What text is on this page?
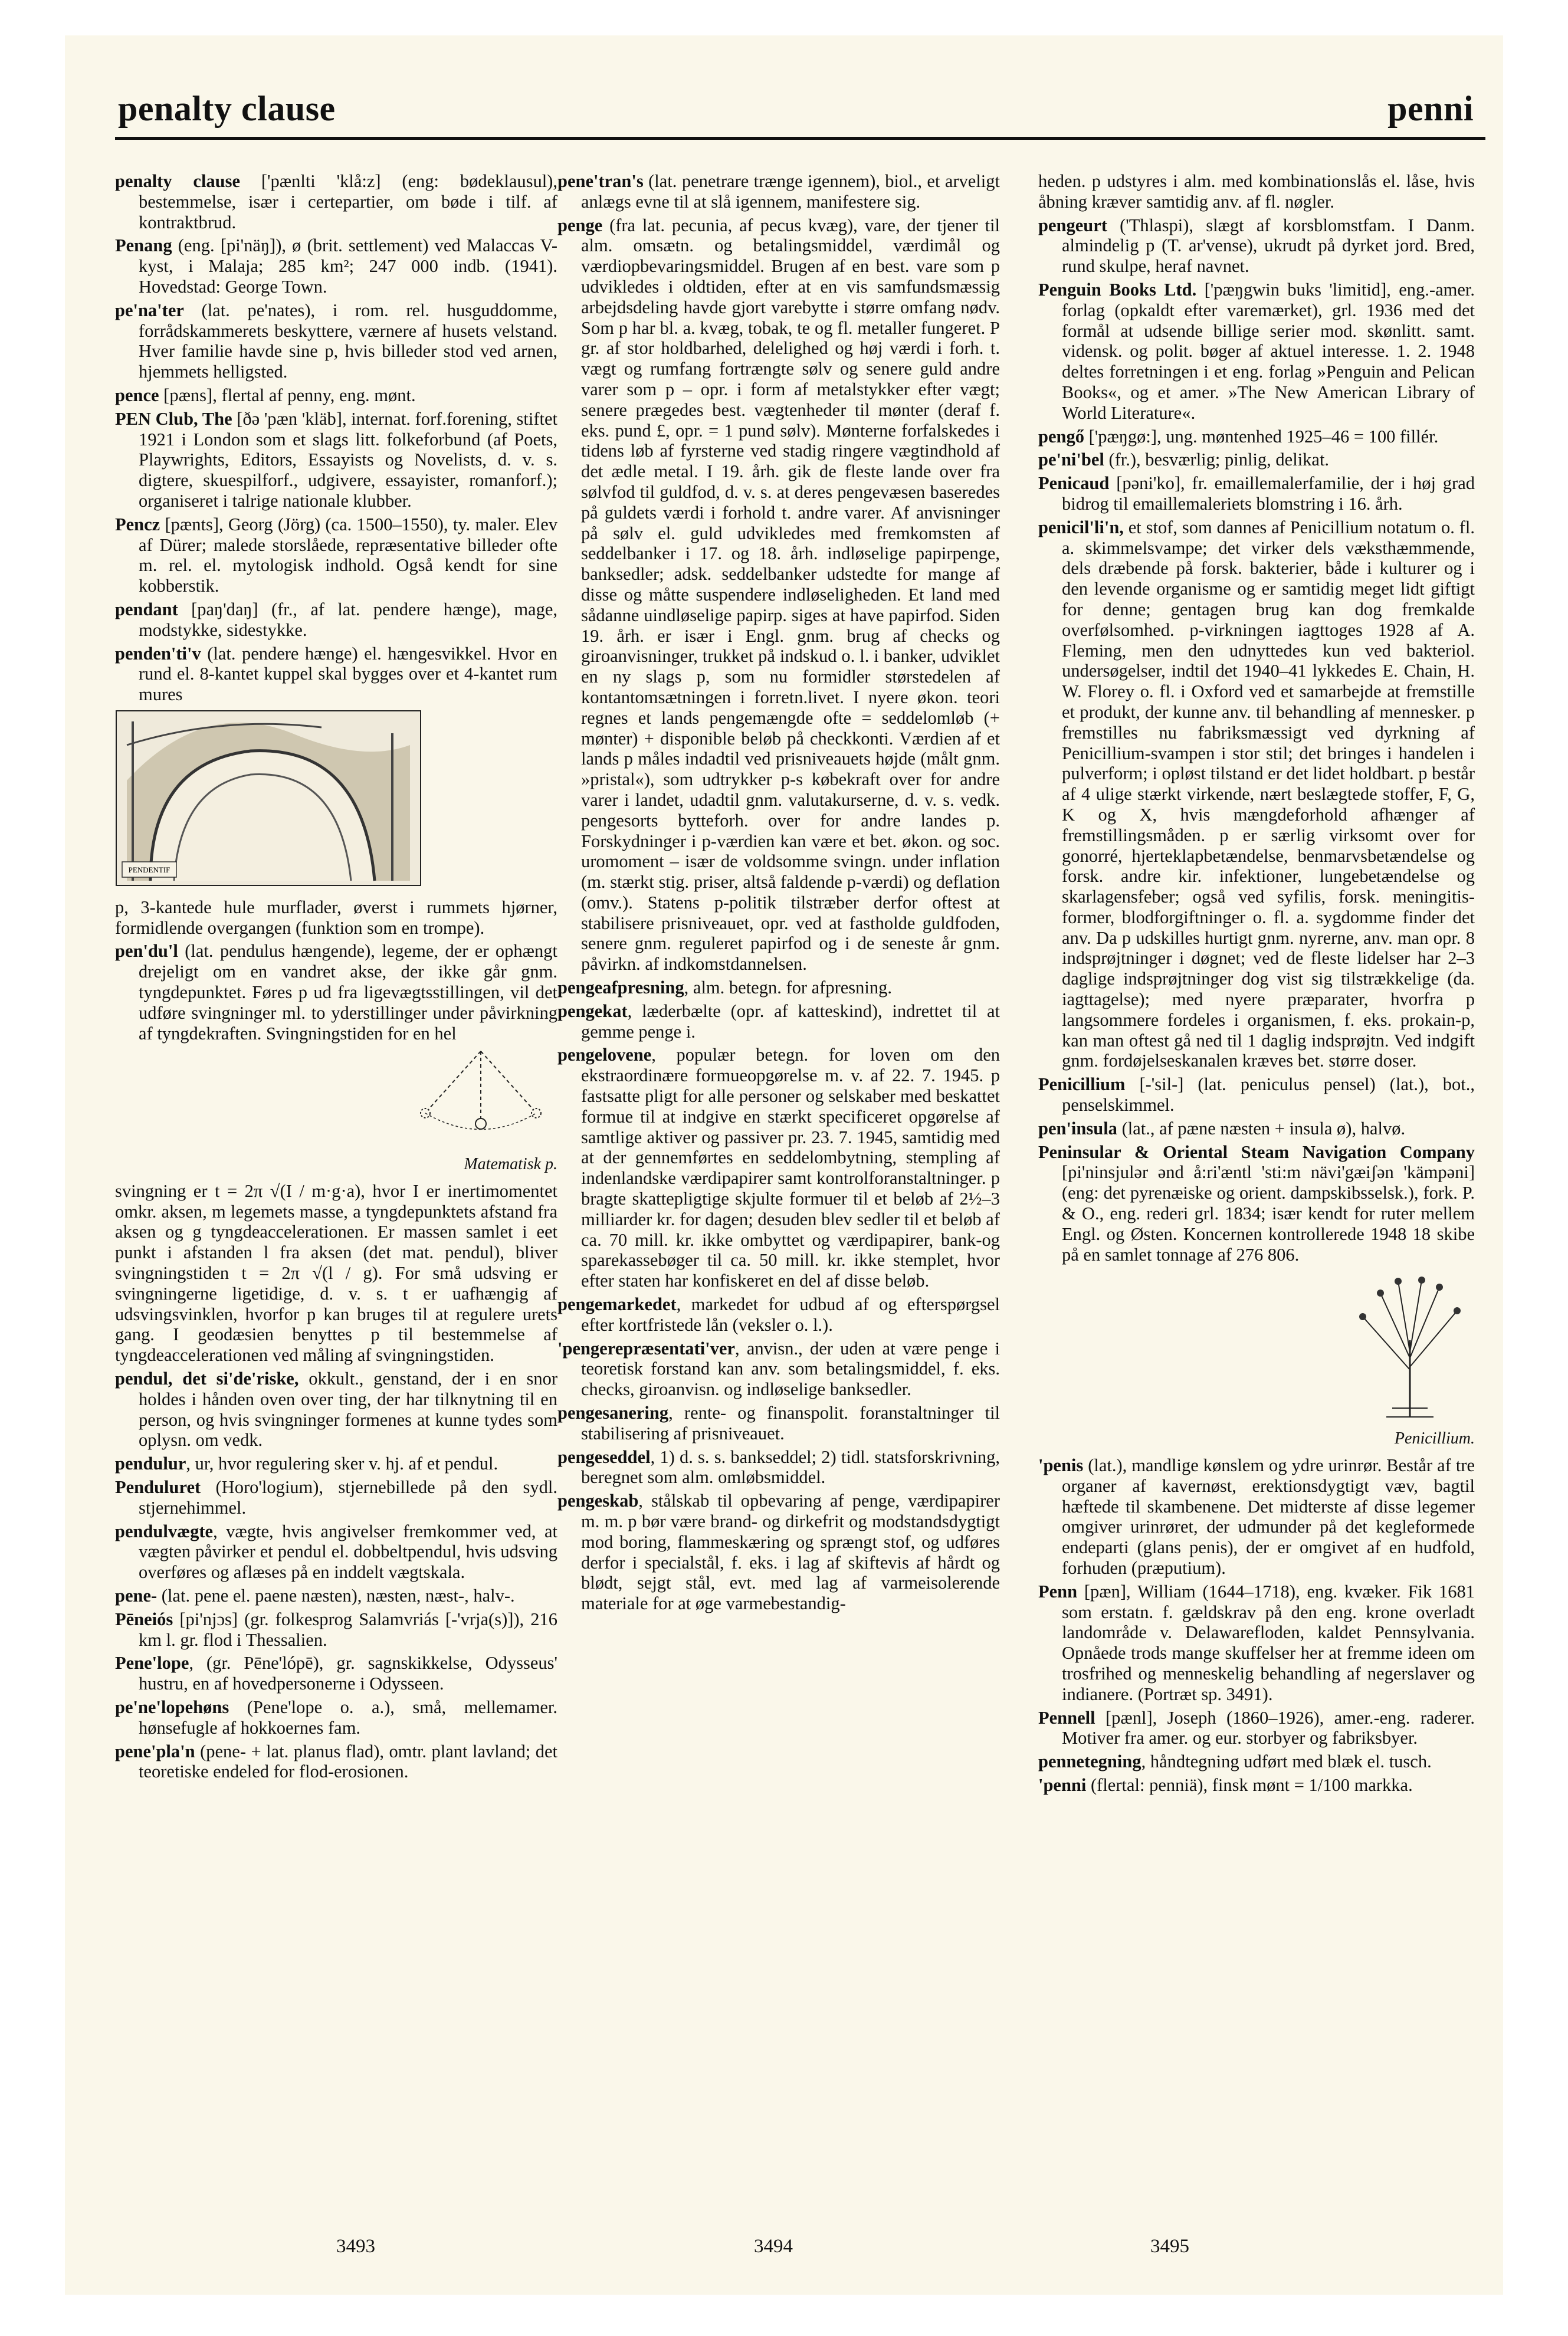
penalty clause	penni

penalty clause ['pænlti 'klå:z] (eng: bødeklausul), bestemmelse, især i certepartier, om bøde i tilf. af kontraktbrud.

Penang (eng. [pi'näŋ]), ø (brit. settlement) ved Malaccas V-kyst, i Malaja; 285 km²; 247 000 indb. (1941). Hovedstad: George Town.

pe'na'ter (lat. pe'nates), i rom. rel. husguddomme, forrådskammerets beskyttere, værnere af husets velstand. Hver familie havde sine p, hvis billeder stod ved arnen, hjemmets helligsted.

pence [pæns], flertal af penny, eng. mønt.

PEN Club, The [ðə 'pæn 'kläb], internat. forf.forening, stiftet 1921 i London som et slags litt. folkeforbund (af Poets, Playwrights, Editors, Essayists og Novelists, d. v. s. digtere, skuespilforf., udgivere, essayister, romanforf.); organiseret i talrige nationale klubber.

Pencz [pænts], Georg (Jörg) (ca. 1500–1550), ty. maler. Elev af Dürer; malede storslåede, repræsentative billeder ofte m. rel. el. mytologisk indhold. Også kendt for sine kobberstik.

pendant [paŋ'daŋ] (fr., af lat. pendere hænge), mage, modstykke, sidestykke.

penden'ti'v (lat. pendere hænge) el. hængesvikkel. Hvor en rund el. 8-kantet kuppel skal bygges over et 4-kantet rum mures

PENDENTIF

p, 3-kantede hule murflader, øverst i rummets hjørner, formidlende overgangen (funktion som en trompe).

pen'du'l (lat. pendulus hængende), legeme, der er ophængt drejeligt om en vandret akse, der ikke går gnm. tyngdepunktet. Føres p ud fra ligevægtsstillingen, vil det udføre svingninger ml. to yderstillinger under påvirkning af tyngdekraften. Svingningstiden for en hel

Matematisk p.

svingning er t = 2π √(I / m·g·a), hvor I er inertimomentet omkr. aksen, m legemets masse, a tyngdepunktets afstand fra aksen og g tyngdeaccelerationen. Er massen samlet i eet punkt i afstanden l fra aksen (det mat. pendul), bliver svingningstiden t = 2π √(l / g). For små udsving er svingningerne ligetidige, d. v. s. t er uafhængig af udsvingsvinklen, hvorfor p kan bruges til at regulere urets gang. I geodæsien benyttes p til bestemmelse af tyngdeaccelerationen ved måling af svingningstiden.

pendul, det si'de'riske, okkult., genstand, der i en snor holdes i hånden oven over ting, der har tilknytning til en person, og hvis svingninger formenes at kunne tydes som oplysn. om vedk.

pendulur, ur, hvor regulering sker v. hj. af et pendul.

Penduluret (Horo'logium), stjernebillede på den sydl. stjernehimmel.

pendulvægte, vægte, hvis angivelser fremkommer ved, at vægten påvirker et pendul el. dobbeltpendul, hvis udsving overføres og aflæses på en inddelt vægtskala.

pene- (lat. pene el. paene næsten), næsten, næst-, halv-.

Pēneiós [pi'njɔs] (gr. folkesprog Salamvriás [-'vrja(s)]), 216 km l. gr. flod i Thessalien.

Pene'lope, (gr. Pēne'lópē), gr. sagnskikkelse, Odysseus' hustru, en af hovedpersonerne i Odysseen.

pe'ne'lopehøns (Pene'lope o. a.), små, mellemamer. hønsefugle af hokkoernes fam.

pene'pla'n (pene- + lat. planus flad), omtr. plant lavland; det teoretiske endeled for flod-erosionen.

pene'tran's (lat. penetrare trænge igennem), biol., et arveligt anlægs evne til at slå igennem, manifestere sig.

penge (fra lat. pecunia, af pecus kvæg), vare, der tjener til alm. omsætn. og betalingsmiddel, værdimål og værdiopbevaringsmiddel. Brugen af en best. vare som p udvikledes i oldtiden, efter at en vis samfundsmæssig arbejdsdeling havde gjort varebytte i større omfang nødv. Som p har bl. a. kvæg, tobak, te og fl. metaller fungeret. P gr. af stor holdbarhed, delelighed og høj værdi i forh. t. vægt og rumfang fortrængte sølv og senere guld andre varer som p – opr. i form af metalstykker efter vægt; senere prægedes best. vægtenheder til mønter (deraf f. eks. pund £, opr. = 1 pund sølv). Mønterne forfalskedes i tidens løb af fyrsterne ved stadig ringere vægtindhold af det ædle metal. I 19. årh. gik de fleste lande over fra sølvfod til guldfod, d. v. s. at deres pengevæsen baseredes på guldets værdi i forhold t. andre varer. Af anvisninger på sølv el. guld udvikledes med fremkomsten af seddelbanker i 17. og 18. årh. indløselige papirpenge, banksedler; adsk. seddelbanker udstedte for mange af disse og måtte suspendere indløseligheden. Et land med sådanne uindløselige papirp. siges at have papirfod. Siden 19. årh. er især i Engl. gnm. brug af checks og giroanvisninger, trukket på indskud o. l. i banker, udviklet en ny slags p, som nu formidler størstedelen af kontantomsætningen i forretn.livet. I nyere økon. teori regnes et lands pengemængde ofte = seddelomløb (+ mønter) + disponible beløb på checkkonti. Værdien af et lands p måles indadtil ved prisniveauets højde (målt gnm. »pristal«), som udtrykker p-s købekraft over for andre varer i landet, udadtil gnm. valutakurserne, d. v. s. vedk. pengesorts bytteforh. over for andre landes p. Forskydninger i p-værdien kan være et bet. økon. og soc. uromoment – især de voldsomme svingn. under inflation (m. stærkt stig. priser, altså faldende p-værdi) og deflation (omv.). Statens p-politik tilstræber derfor oftest at stabilisere prisniveauet, opr. ved at fastholde guldfoden, senere gnm. reguleret papirfod og i de seneste år gnm. påvirkn. af indkomstdannelsen.

pengeafpresning, alm. betegn. for afpresning.

pengekat, læderbælte (opr. af katteskind), indrettet til at gemme penge i.

pengelovene, populær betegn. for loven om den ekstraordinære formueopgørelse m. v. af 22. 7. 1945. p fastsatte pligt for alle personer og selskaber med beskattet formue til at indgive en stærkt specificeret opgørelse af samtlige aktiver og passiver pr. 23. 7. 1945, samtidig med at der gennemførtes en seddelombytning, stempling af indenlandske værdipapirer samt kontrolforanstaltninger. p bragte skattepligtige skjulte formuer til et beløb af 2½–3 milliarder kr. for dagen; desuden blev sedler til et beløb af ca. 70 mill. kr. ikke ombyttet og værdipapirer, bank-og sparekassebøger til ca. 50 mill. kr. ikke stemplet, hvor efter staten har konfiskeret en del af disse beløb.

pengemarkedet, markedet for udbud af og efterspørgsel efter kortfristede lån (veksler o. l.).

'pengerepræsentati'ver, anvisn., der uden at være penge i teoretisk forstand kan anv. som betalingsmiddel, f. eks. checks, giroanvisn. og indløselige banksedler.

pengesanering, rente- og finanspolit. foranstaltninger til stabilisering af prisniveauet.

pengeseddel, 1) d. s. s. bankseddel; 2) tidl. statsforskrivning, beregnet som alm. omløbsmiddel.

pengeskab, stålskab til opbevaring af penge, værdipapirer m. m. p bør være brand- og dirkefrit og modstandsdygtigt mod boring, flammeskæring og sprængt stof, og udføres derfor i specialstål, f. eks. i lag af skiftevis af hårdt og blødt, sejgt stål, evt. med lag af varmeisolerende materiale for at øge varmebestandig-

heden. p udstyres i alm. med kombinationslås el. låse, hvis åbning kræver samtidig anv. af fl. nøgler.

pengeurt ('Thlaspi), slægt af korsblomstfam. I Danm. almindelig p (T. ar'vense), ukrudt på dyrket jord. Bred, rund skulpe, heraf navnet.

Penguin Books Ltd. ['pæŋgwin buks 'limitid], eng.-amer. forlag (opkaldt efter varemærket), grl. 1936 med det formål at udsende billige serier mod. skønlitt. samt. vidensk. og polit. bøger af aktuel interesse. 1. 2. 1948 deltes forretningen i et eng. forlag »Penguin and Pelican Books«, og et amer. »The New American Library of World Literature«.

pengő ['pæŋgø:], ung. møntenhed 1925–46 = 100 fillér.

pe'ni'bel (fr.), besværlig; pinlig, delikat.

Penicaud [pəni'ko], fr. emaillemalerfamilie, der i høj grad bidrog til emaillemaleriets blomstring i 16. årh.

penicil'li'n, et stof, som dannes af Penicillium notatum o. fl. a. skimmelsvampe; det virker dels væksthæmmende, dels dræbende på forsk. bakterier, både i kulturer og i den levende organisme og er samtidig meget lidt giftigt for denne; gentagen brug kan dog fremkalde overfølsomhed. p-virkningen iagttoges 1928 af A. Fleming, men den udnyttedes kun ved bakteriol. undersøgelser, indtil det 1940–41 lykkedes E. Chain, H. W. Florey o. fl. i Oxford ved et samarbejde at fremstille et produkt, der kunne anv. til behandling af mennesker. p fremstilles nu fabriksmæssigt ved dyrkning af Penicillium-svampen i stor stil; det bringes i handelen i pulverform; i opløst tilstand er det lidet holdbart. p består af 4 ulige stærkt virkende, nært beslægtede stoffer, F, G, K og X, hvis mængdeforhold afhænger af fremstillingsmåden. p er særlig virksomt over for gonorré, hjerteklapbetændelse, benmarvsbetændelse og forsk. andre kir. infektioner, lungebetændelse og skarlagensfeber; også ved syfilis, forsk. meningitis-former, blodforgiftninger o. fl. a. sygdomme finder det anv. Da p udskilles hurtigt gnm. nyrerne, anv. man opr. 8 indsprøjtninger i døgnet; ved de fleste lidelser har 2–3 daglige indsprøjtninger dog vist sig tilstrækkelige (da. iagttagelse); med nyere præparater, hvorfra p langsommere fordeles i organismen, f. eks. prokain-p, kan man oftest gå ned til 1 daglig indsprøjtn. Ved indgift gnm. fordøjelseskanalen kræves bet. større doser.

Penicillium [-'sil-] (lat. peniculus pensel) (lat.), bot., penselskimmel.

pen'insula (lat., af pæne næsten + insula ø), halvø.

Peninsular & Oriental Steam Navigation Company [pi'ninsjulər ənd å:ri'æntl 'sti:m nävi'gæiʃən 'kämpəni] (eng: det pyrenæiske og orient. dampskibsselsk.), fork. P. & O., eng. rederi grl. 1834; især kendt for ruter mellem Engl. og Østen. Koncernen kontrollerede 1948 18 skibe på en samlet tonnage af 276 806.

Penicillium.

'penis (lat.), mandlige kønslem og ydre urinrør. Består af tre organer af kavernøst, erektionsdygtigt væv, bagtil hæftede til skambenene. Det midterste af disse legemer omgiver urinrøret, der udmunder på det kegleformede endeparti (glans penis), der er omgivet af en hudfold, forhuden (præputium).

Penn [pæn], William (1644–1718), eng. kvæker. Fik 1681 som erstatn. f. gældskrav på den eng. krone overladt landområde v. Delawarefloden, kaldet Pennsylvania. Opnåede trods mange skuffelser her at fremme ideen om trosfrihed og menneskelig behandling af negerslaver og indianere. (Portræt sp. 3491).

Pennell [pænl], Joseph (1860–1926), amer.-eng. raderer. Motiver fra amer. og eur. storbyer og fabriksbyer.

pennetegning, håndtegning udført med blæk el. tusch.

'penni (flertal: penniä), finsk mønt = 1/100 markka.

3493	3494	3495
